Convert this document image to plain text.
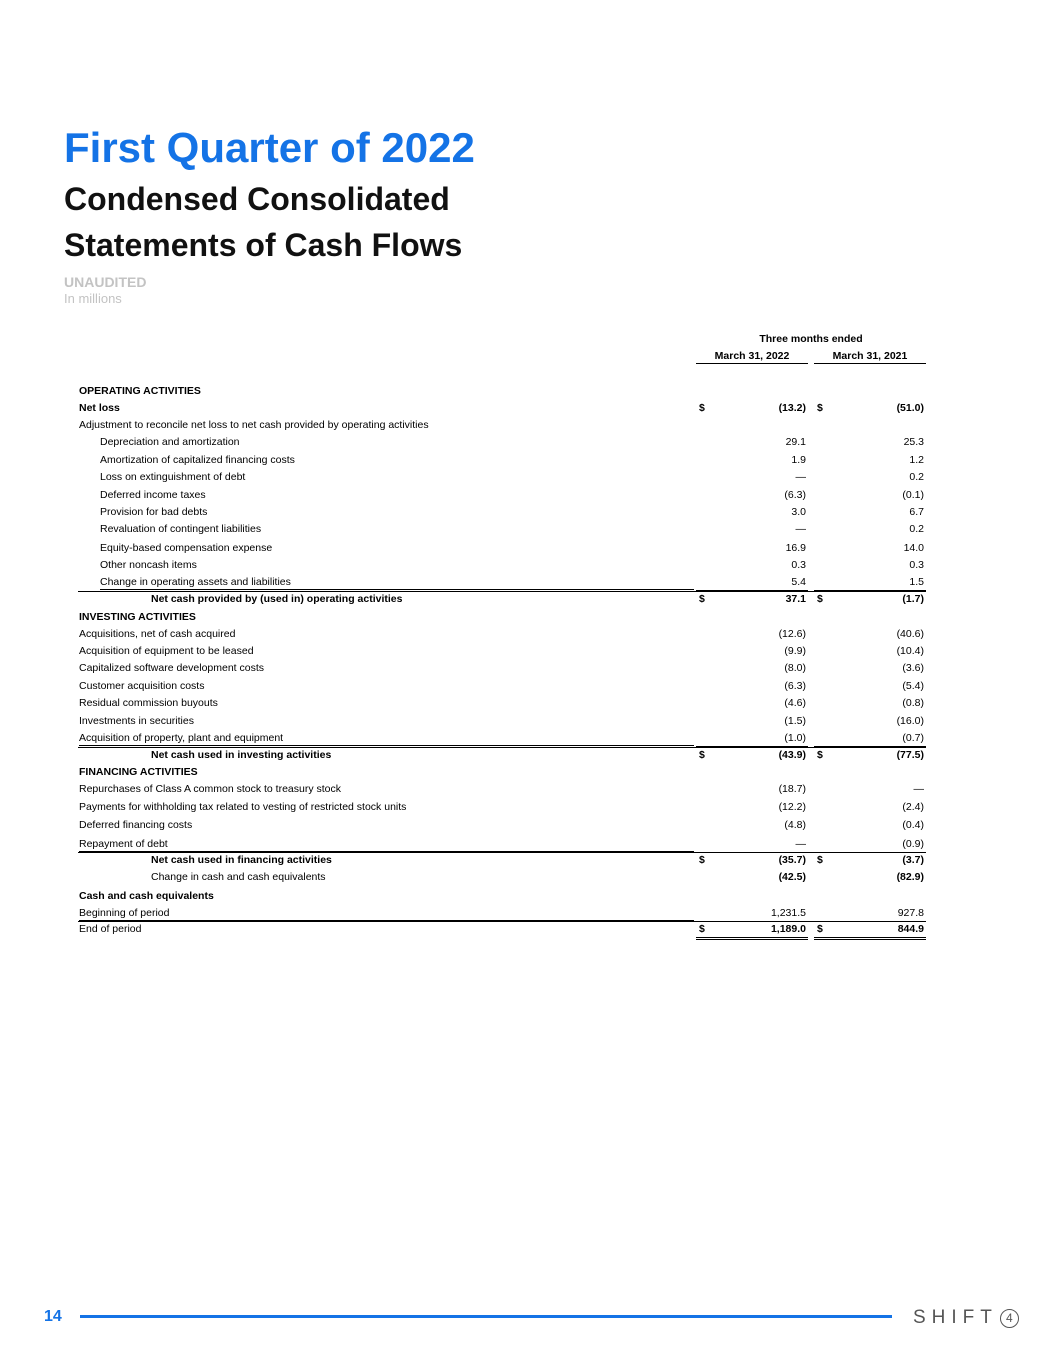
First Quarter of 2022
Condensed Consolidated Statements of Cash Flows
UNAUDITED
In millions
Three months ended
March 31, 2022	March 31, 2021
OPERATING ACTIVITIES
Net loss	$	(13.2) $	(51.0)
Adjustment to reconcile net loss to net cash provided by operating activities
Depreciation and amortization	29.1	25.3
Amortization of capitalized financing costs	1.9	1.2
Loss on extinguishment of debt	—	0.2
Deferred income taxes	(6.3)	(0.1)
Provision for bad debts	3.0	6.7
Revaluation of contingent liabilities	—	0.2
Equity-based compensation expense	16.9	14.0
Other noncash items	0.3	0.3
Change in operating assets and liabilities	5.4	1.5
Net cash provided by (used in) operating activities	$	37.1 $	(1.7)
INVESTING ACTIVITIES
Acquisitions, net of cash acquired	(12.6)	(40.6)
Acquisition of equipment to be leased	(9.9)	(10.4)
Capitalized software development costs	(8.0)	(3.6)
Customer acquisition costs	(6.3)	(5.4)
Residual commission buyouts	(4.6)	(0.8)
Investments in securities	(1.5)	(16.0)
Acquisition of property, plant and equipment	(1.0)	(0.7)
Net cash used in investing activities	$	(43.9) $	(77.5)
FINANCING ACTIVITIES
Repurchases of Class A common stock to treasury stock	(18.7)	—
Payments for withholding tax related to vesting of restricted stock units	(12.2)	(2.4)
Deferred financing costs	(4.8)	(0.4)
Repayment of debt	—	(0.9)
Net cash used in financing activities	$	(35.7) $	(3.7)
Change in cash and cash equivalents	(42.5)	(82.9)
Cash and cash equivalents
Beginning of period	1,231.5	927.8
End of period	$	1,189.0 $	844.9
14	SHIFT 4
